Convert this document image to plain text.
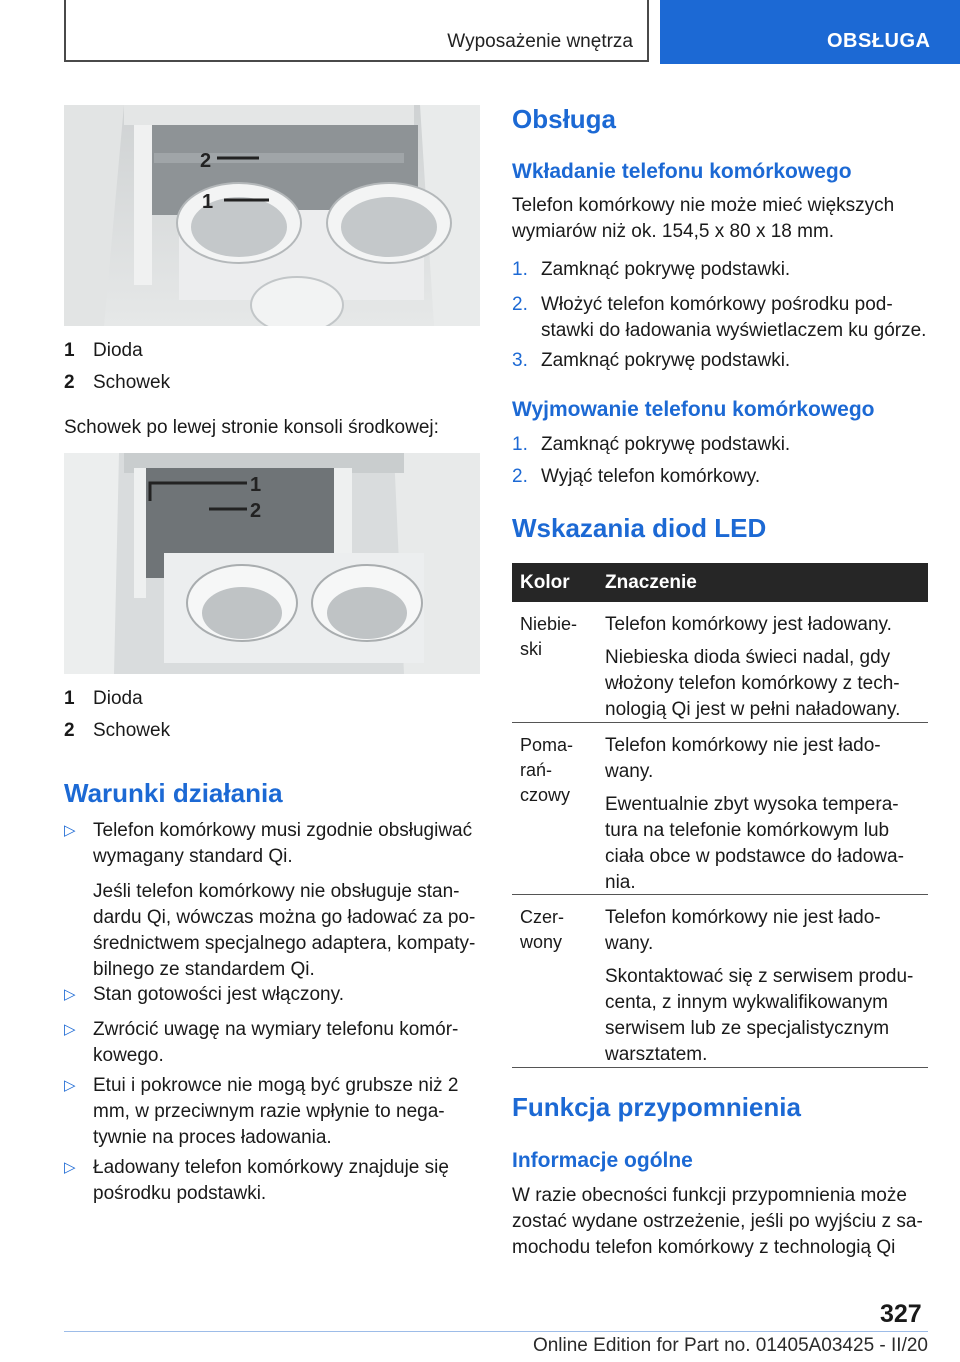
Wyposażenie wnętrza	OBSŁUGA
2
1
1 Dioda
2 Schowek
Schowek po lewej stronie konsoli środkowej:
1
2
1 Dioda
2 Schowek
Warunki działania
▷ Telefon komórkowy musi zgodnie obsługiwać wymagany standard Qi.
Jeśli telefon komórkowy nie obsługuje stan-dardu Qi, wówczas można go ładować za po-średnictwem specjalnego adaptera, kompaty-bilnego ze standardem Qi.
▷ Stan gotowości jest włączony.
▷ Zwrócić uwagę na wymiary telefonu komór-kowego.
▷ Etui i pokrowce nie mogą być grubsze niż 2 mm, w przeciwnym razie wpłynie to nega-tywnie na proces ładowania.
▷ Ładowany telefon komórkowy znajduje się pośrodku podstawki.
Obsługa
Wkładanie telefonu komórkowego
Telefon komórkowy nie może mieć większych wymiarów niż ok. 154,5 x 80 x 18 mm.
1. Zamknąć pokrywę podstawki.
2. Włożyć telefon komórkowy pośrodku pod-stawki do ładowania wyświetlaczem ku górze.
3. Zamknąć pokrywę podstawki.
Wyjmowanie telefonu komórkowego
1. Zamknąć pokrywę podstawki.
2. Wyjąć telefon komórkowy.
Wskazania diod LED
Kolor Znaczenie
Niebie-ski
Telefon komórkowy jest ładowany.
Niebieska dioda świeci nadal, gdy włożony telefon komórkowy z tech-nologią Qi jest w pełni naładowany.
Poma-rań-czowy
Telefon komórkowy nie jest łado-wany.
Ewentualnie zbyt wysoka tempera-tura na telefonie komórkowym lub ciała obce w podstawce do ładowa-nia.
Czer-wony
Telefon komórkowy nie jest łado-wany.
Skontaktować się z serwisem produ-centa, z innym wykwalifikowanym serwisem lub ze specjalistycznym warsztatem.
Funkcja przypomnienia
Informacje ogólne
W razie obecności funkcji przypomnienia może zostać wydane ostrzeżenie, jeśli po wyjściu z sa-mochodu telefon komórkowy z technologią Qi
327
Online Edition for Part no. 01405A03425 - II/20
